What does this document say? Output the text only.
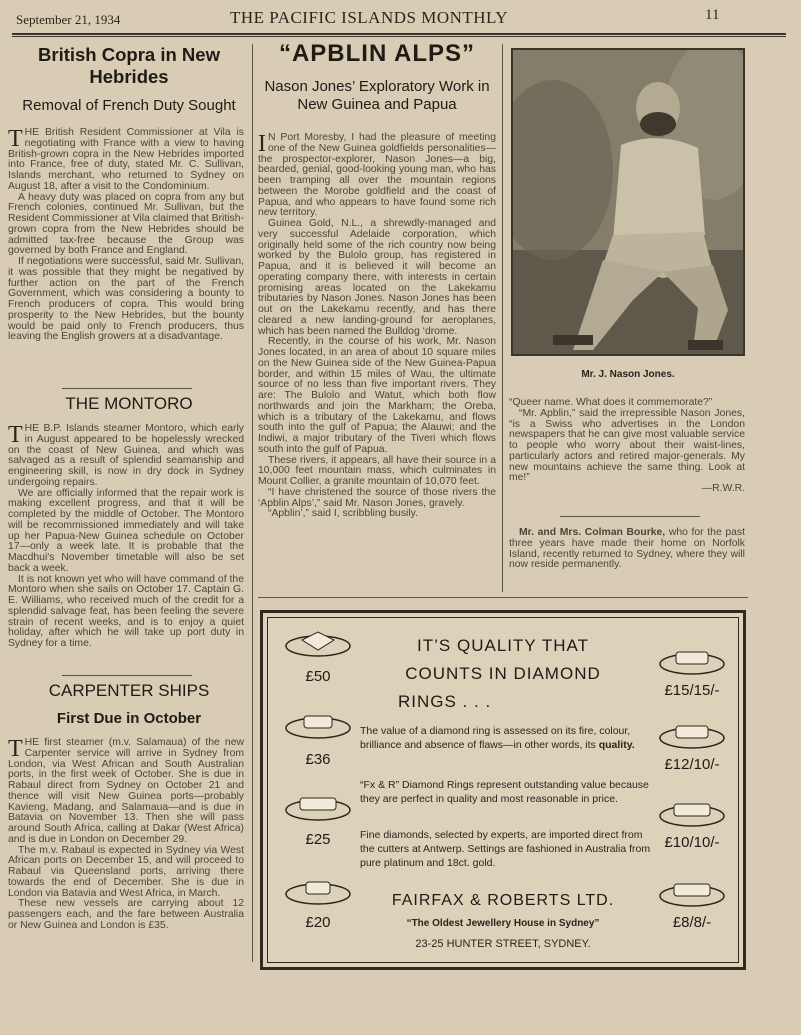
September 21, 1934	THE PACIFIC ISLANDS MONTHLY	11
British Copra in New Hebrides
Removal of French Duty Sought

THE British Resident Commissioner at Vila is negotiating with France with a view to having British-grown copra in the New Hebrides imported into France, free of duty, stated Mr. C. Sullivan, Islands merchant, who returned to Sydney on August 18, after a visit to the Condominium.

A heavy duty was placed on copra from any but French colonies, continued Mr. Sullivan, but the Resident Commissioner at Vila claimed that British-grown copra from the New Hebrides should be admitted tax-free because the Group was governed by both France and England.

If negotiations were successful, said Mr. Sullivan, it was possible that they might be negatived by further action on the part of the French Government, which was considering a bounty to French producers of copra. This would bring prosperity to the New Hebrides, but the bounty would be paid only to French producers, thus leaving the English growers at a disadvantage.

THE MONTORO

THE B.P. Islands steamer Montoro, which early in August appeared to be hopelessly wrecked on the coast of New Guinea, and which was salvaged as a result of splendid seamanship and engineering skill, is now in dry dock in Sydney undergoing repairs.

We are officially informed that the repair work is making excellent progress, and that it will be completed by the middle of October. The Montoro will be recommissioned immediately and will take up her Papua-New Guinea schedule on October 17—only a week late. It is probable that the Macdhui's November timetable will also be set back a week.

It is not known yet who will have command of the Montoro when she sails on October 17. Captain G. E. Williams, who received much of the credit for a splendid salvage feat, has been feeling the severe strain of recent weeks, and is to enjoy a quiet holiday, after which he will take up port duty in Sydney for a time.

CARPENTER SHIPS
First Due in October

THE first steamer (m.v. Salamaua) of the new Carpenter service will arrive in Sydney from London, via West African and South Australian ports, in the first week of October. She is due in Rabaul direct from Sydney on October 21 and thence will visit New Guinea ports—probably Kavieng, Madang, and Salamaua—and is due in Batavia on November 13. Then she will pass around South Africa, calling at Dakar (West Africa) and is due in London on December 29.

The m.v. Rabaul is expected in Sydney via West African ports on December 15, and will proceed to Rabaul via Queensland ports, arriving there towards the end of December. She is due in London via Batavia and West Africa, in March.

These new vessels are carrying about 12 passengers each, and the fare between Australia or New Guinea and London is £35.

“APBLIN ALPS”
Nason Jones’ Exploratory Work in New Guinea and Papua

I N Port Moresby, I had the pleasure of meeting one of the New Guinea goldfields personalities—the prospector-explorer, Nason Jones—a big, bearded, genial, good-looking young man, who has been tramping all over the mountain regions between the Morobe goldfield and the coast of Papua, and who appears to have found some rich new territory.

Guinea Gold, N.L., a shrewdly-managed and very successful Adelaide corporation, which originally held some of the rich country now being worked by the Bulolo group, has registered in Papua, and it is believed it will become an operating company there, with interests in certain promising areas located on the Lakekamu tributaries by Nason Jones. Nason Jones has been out on the Lakekamu recently, and has there cleared a new landing-ground for aeroplanes, which has been named the Bulldog ‘drome.

Recently, in the course of his work, Mr. Nason Jones located, in an area of about 10 square miles on the New Guinea side of the New Guinea-Papua border, and within 15 miles of Wau, the ultimate source of no less than five important rivers. They are: The Bulolo and Watut, which both flow northwards and join the Markham; the Oreba, which is a tributary of the Lakekamu, and flows south into the gulf of Papua; the Alauwi; and the Indiwi, a major tributary of the Tiveri which flows south into the gulf of Papua.

These rivers, it appears, all have their source in a 10,000 feet mountain mass, which culminates in Mount Collier, a granite mountain of 10,070 feet.

“I have christened the source of those rivers the ‘Apblin Alps’,” said Mr. Nason Jones, gravely.

“Apblin’,” said I, scribbling busily.

Mr. J. Nason Jones.

“Queer name. What does it commemorate?”

“Mr. Apblin,” said the irrepressible Nason Jones, “is a Swiss who advertises in the London newspapers that he can give most valuable service to people who worry about their waist-lines, particularly actors and retired major-generals. My new mountains achieve the same thing. Look at me!”

—R.W.R.

Mr. and Mrs. Colman Bourke, who for the past three years have made their home on Norfolk Island, recently returned to Sydney, where they will now reside permanently.

IT’S QUALITY THAT
COUNTS IN DIAMOND
RINGS . . .
£50
£36
£25
£20
£15/15/-
£12/10/-
£10/10/-
£8/8/-
The value of a diamond ring is assessed on its fire, colour, brilliance and absence of flaws—in other words, its quality.
“Fx & R” Diamond Rings represent outstanding value because they are perfect in quality and most reasonable in price.
Fine diamonds, selected by experts, are imported direct from the cutters at Antwerp. Settings are fashioned in Australia from pure platinum and 18ct. gold.
FAIRFAX & ROBERTS LTD.
“The Oldest Jewellery House in Sydney”
23-25 HUNTER STREET, SYDNEY.
